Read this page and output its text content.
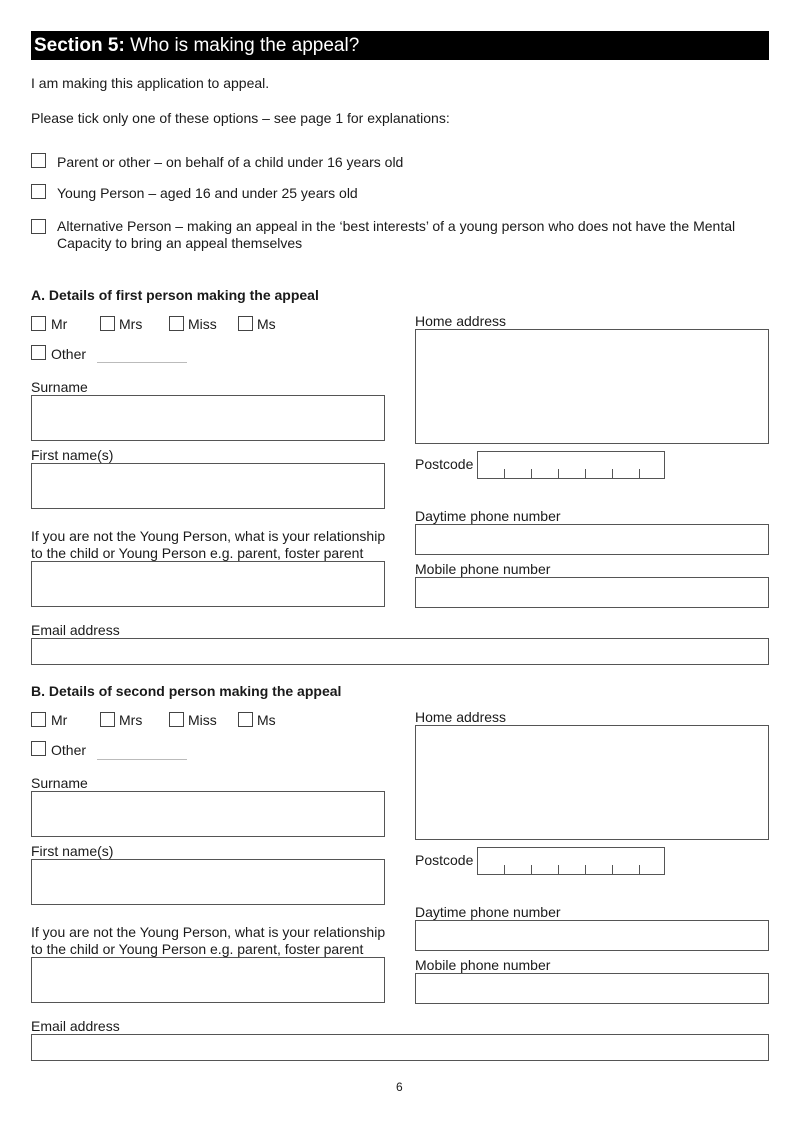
Section 5: Who is making the appeal?
I am making this application to appeal.
Please tick only one of these options – see page 1 for explanations:
Parent or other – on behalf of a child under 16 years old
Young Person – aged 16 and under 25 years old
Alternative Person – making an appeal in the ‘best interests’ of a young person who does not have the Mental
Capacity to bring an appeal themselves
A. Details of first person making the appeal
Mr	Mrs	Miss	Ms
Other
Surname
First name(s)
If you are not the Young Person, what is your relationship
to the child or Young Person e.g. parent, foster parent
Home address
Postcode
Daytime phone number
Mobile phone number
Email address
B. Details of second person making the appeal
Mr	Mrs	Miss	Ms
Other
Surname
First name(s)
If you are not the Young Person, what is your relationship
to the child or Young Person e.g. parent, foster parent
Home address
Postcode
Daytime phone number
Mobile phone number
Email address
6
